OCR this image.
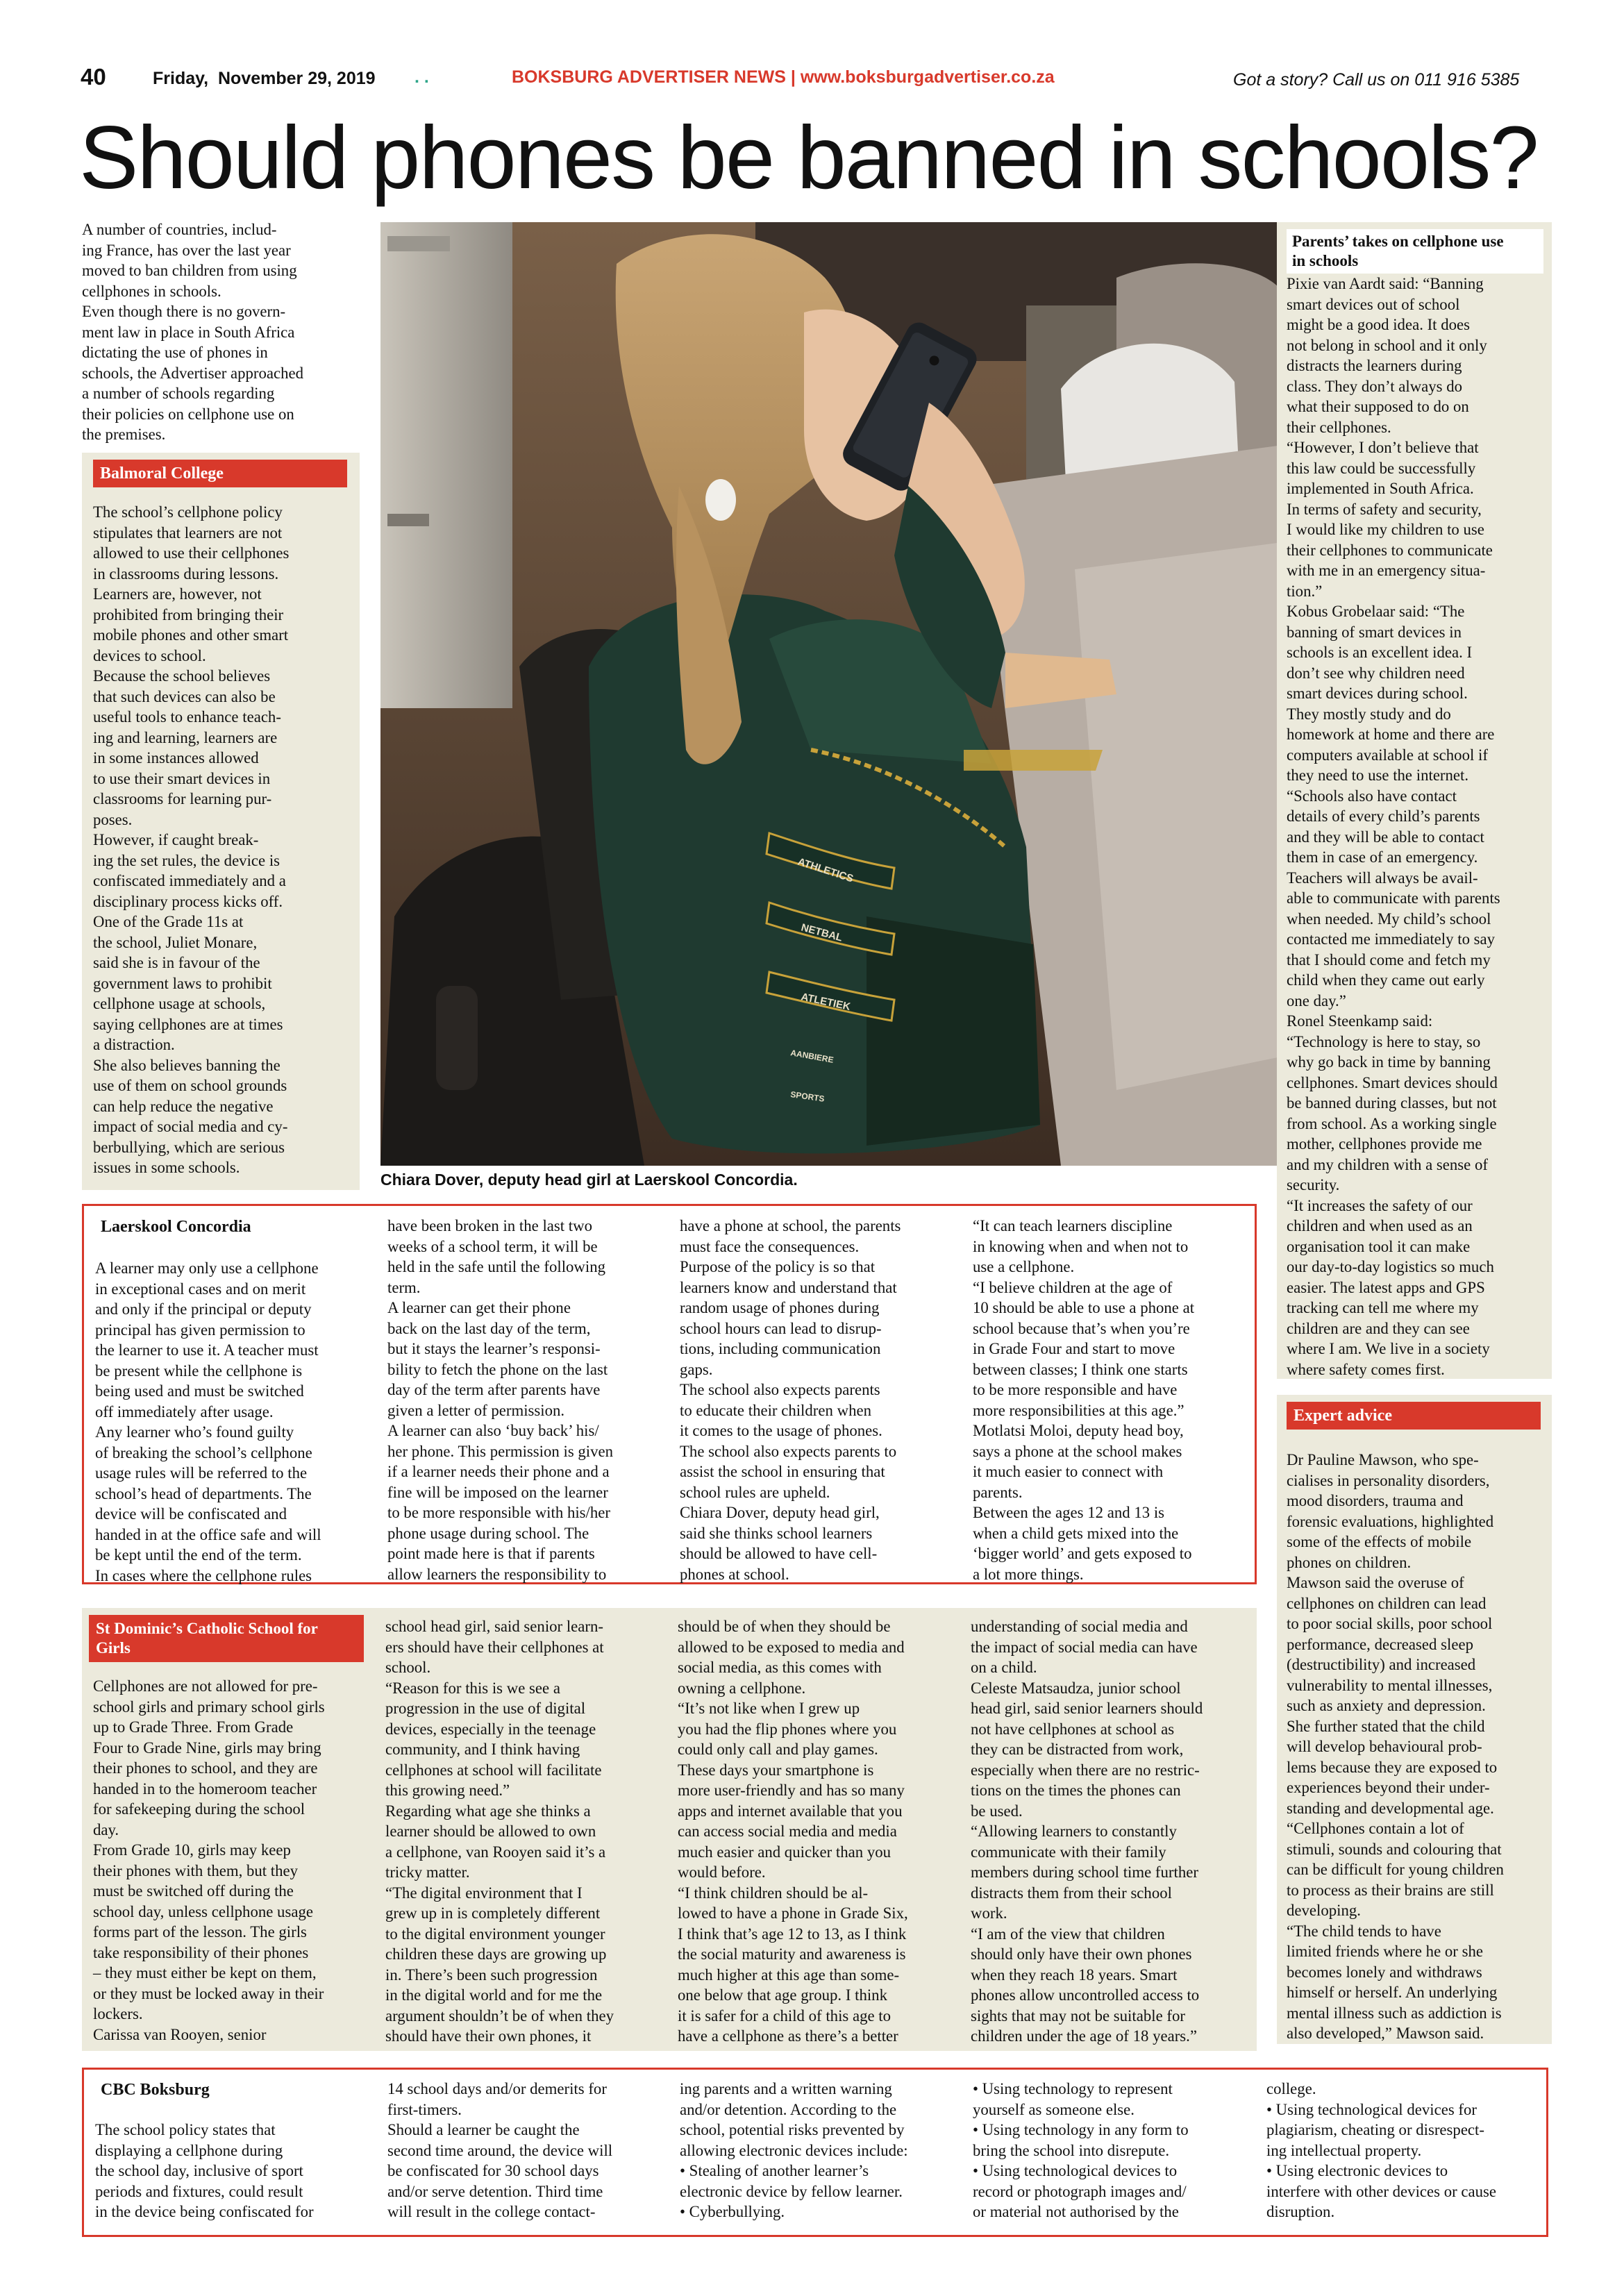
40	Friday,  November 29, 2019 . .	BOKSBURG ADVERTISER NEWS | www.boksburgadvertiser.co.za	Got a story? Call us on 011 916 5385
Should phones be banned in schools?

A number of countries, includ-
ing France, has over the last year
moved to ban children from using
cellphones in schools.
Even though there is no govern-
ment law in place in South Africa
dictating the use of phones in
schools, the Advertiser approached
a number of schools regarding
their policies on cellphone use on
the premises.

Balmoral College

The school’s cellphone policy
stipulates that learners are not
allowed to use their cellphones
in classrooms during lessons.
Learners are, however, not
prohibited from bringing their
mobile phones and other smart
devices to school.
Because the school believes
that such devices can also be
useful tools to enhance teach-
ing and learning, learners are
in some instances allowed
to use their smart devices in
classrooms for learning pur-
poses.
However, if caught break-
ing the set rules, the device is
confiscated immediately and a
disciplinary process kicks off.
One of the Grade 11s at
the school, Juliet Monare,
said she is in favour of the
government laws to prohibit
cellphone usage at schools,
saying cellphones are at times
a distraction.
She also believes banning the
use of them on school grounds
can help reduce the negative
impact of social media and cy-
berbullying, which are serious
issues in some schools.

ATHLETICS
NETBAL
ATLETIEK
AANBIERE
SPORTS
Chiara Dover, deputy head girl at Laerskool Concordia.
Parents’ takes on cellphone use
in schools

Pixie van Aardt said: “Banning
smart devices out of school
might be a good idea. It does
not belong in school and it only
distracts the learners during
class. They don’t always do
what their supposed to do on
their cellphones.
“However, I don’t believe that
this law could be successfully
implemented in South Africa.
In terms of safety and security,
I would like my children to use
their cellphones to communicate
with me in an emergency situa-
tion.”
Kobus Grobelaar said: “The
banning of smart devices in
schools is an excellent idea. I
don’t see why children need
smart devices during school.
They mostly study and do
homework at home and there are
computers available at school if
they need to use the internet.
“Schools also have contact
details of every child’s parents
and they will be able to contact
them in case of an emergency.
Teachers will always be avail-
able to communicate with parents
when needed. My child’s school
contacted me immediately to say
that I should come and fetch my
child when they came out early
one day.”
Ronel Steenkamp said:
“Technology is here to stay, so
why go back in time by banning
cellphones. Smart devices should
be banned during classes, but not
from school. As a working single
mother, cellphones provide me
and my children with a sense of
security.
“It increases the safety of our
children and when used as an
organisation tool it can make
our day-to-day logistics so much
easier. The latest apps and GPS
tracking can tell me where my
children are and they can see
where I am. We live in a society
where safety comes first.

Laerskool Concordia

A learner may only use a cellphone
in exceptional cases and on merit
and only if the principal or deputy
principal has given permission to
the learner to use it. A teacher must
be present while the cellphone is
being used and must be switched
off immediately after usage.
Any learner who’s found guilty
of breaking the school’s cellphone
usage rules will be referred to the
school’s head of departments. The
device will be confiscated and
handed in at the office safe and will
be kept until the end of the term.
In cases where the cellphone rules

have been broken in the last two
weeks of a school term, it will be
held in the safe until the following
term.
A learner can get their phone
back on the last day of the term,
but it stays the learner’s responsi-
bility to fetch the phone on the last
day of the term after parents have
given a letter of permission.
A learner can also ‘buy back’ his/
her phone. This permission is given
if a learner needs their phone and a
fine will be imposed on the learner
to be more responsible with his/her
phone usage during school. The
point made here is that if parents
allow learners the responsibility to

have a phone at school, the parents
must face the consequences.
Purpose of the policy is so that
learners know and understand that
random usage of phones during
school hours can lead to disrup-
tions, including communication
gaps.
The school also expects parents
to educate their children when
it comes to the usage of phones.
The school also expects parents to
assist the school in ensuring that
school rules are upheld.
Chiara Dover, deputy head girl,
said she thinks school learners
should be allowed to have cell-
phones at school.

“It can teach learners discipline
in knowing when and when not to
use a cellphone.
“I believe children at the age of
10 should be able to use a phone at
school because that’s when you’re
in Grade Four and start to move
between classes; I think one starts
to be more responsible and have
more responsibilities at this age.”
Motlatsi Moloi, deputy head boy,
says a phone at the school makes
it much easier to connect with
parents.
Between the ages 12 and 13 is
when a child gets mixed into the
‘bigger world’ and gets exposed to
a lot more things.

Expert advice

Dr Pauline Mawson, who spe-
cialises in personality disorders,
mood disorders, trauma and
forensic evaluations, highlighted
some of the effects of mobile
phones on children.
Mawson said the overuse of
cellphones on children can lead
to poor social skills, poor school
performance, decreased sleep
(destructibility) and increased
vulnerability to mental illnesses,
such as anxiety and depression.
She further stated that the child
will develop behavioural prob-
lems because they are exposed to
experiences beyond their under-
standing and developmental age.
“Cellphones contain a lot of
stimuli, sounds and colouring that
can be difficult for young children
to process as their brains are still
developing.
“The child tends to have
limited friends where he or she
becomes lonely and withdraws
himself or herself. An underlying
mental illness such as addiction is
also developed,” Mawson said.

St Dominic’s Catholic School for
Girls

Cellphones are not allowed for pre-
school girls and primary school girls
up to Grade Three. From Grade
Four to Grade Nine, girls may bring
their phones to school, and they are
handed in to the homeroom teacher
for safekeeping during the school
day.
From Grade 10, girls may keep
their phones with them, but they
must be switched off during the
school day, unless cellphone usage
forms part of the lesson. The girls
take responsibility of their phones
– they must either be kept on them,
or they must be locked away in their
lockers.
Carissa van Rooyen, senior

school head girl, said senior learn-
ers should have their cellphones at
school.
“Reason for this is we see a
progression in the use of digital
devices, especially in the teenage
community, and I think having
cellphones at school will facilitate
this growing need.”
Regarding what age she thinks a
learner should be allowed to own
a cellphone, van Rooyen said it’s a
tricky matter.
“The digital environment that I
grew up in is completely different
to the digital environment younger
children these days are growing up
in. There’s been such progression
in the digital world and for me the
argument shouldn’t be of when they
should have their own phones, it

should be of when they should be
allowed to be exposed to media and
social media, as this comes with
owning a cellphone.
“It’s not like when I grew up
you had the flip phones where you
could only call and play games.
These days your smartphone is
more user-friendly and has so many
apps and internet available that you
can access social media and media
much easier and quicker than you
would before.
“I think children should be al-
lowed to have a phone in Grade Six,
I think that’s age 12 to 13, as I think
the social maturity and awareness is
much higher at this age than some-
one below that age group. I think
it is safer for a child of this age to
have a cellphone as there’s a better

understanding of social media and
the impact of social media can have
on a child.
Celeste Matsaudza, junior school
head girl, said senior learners should
not have cellphones at school as
they can be distracted from work,
especially when there are no restric-
tions on the times the phones can
be used.
“Allowing learners to constantly
communicate with their family
members during school time further
distracts them from their school
work.
“I am of the view that children
should only have their own phones
when they reach 18 years. Smart
phones allow uncontrolled access to
sights that may not be suitable for
children under the age of 18 years.”

CBC Boksburg

The school policy states that
displaying a cellphone during
the school day, inclusive of sport
periods and fixtures, could result
in the device being confiscated for

14 school days and/or demerits for
first-timers.
Should a learner be caught the
second time around, the device will
be confiscated for 30 school days
and/or serve detention. Third time
will result in the college contact-

ing parents and a written warning
and/or detention. According to the
school, potential risks prevented by
allowing electronic devices include:
• Stealing of another learner’s
electronic device by fellow learner.
• Cyberbullying.

• Using technology to represent
yourself as someone else.
• Using technology in any form to
bring the school into disrepute.
• Using technological devices to
record or photograph images and/
or material not authorised by the

college.
• Using technological devices for
plagiarism, cheating or disrespect-
ing intellectual property.
• Using electronic devices to
interfere with other devices or cause
disruption.
